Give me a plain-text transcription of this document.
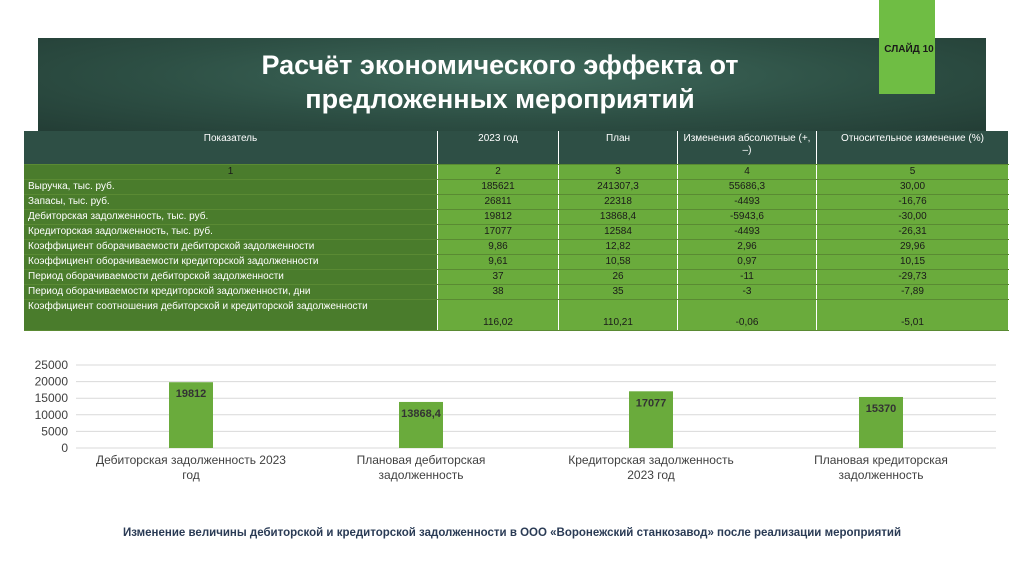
СЛАЙД 10
Расчёт экономического эффекта от
предложенных мероприятий
Показатель	2023 год	План	Изменения абсолютные (+, –)	Относительное изменение (%)
1	2	3	4	5
Выручка, тыс. руб.	185621	241307,3	55686,3	30,00
Запасы, тыс. руб.	26811	22318	-4493	-16,76
Дебиторская задолженность, тыс. руб.	19812	13868,4	-5943,6	-30,00
Кредиторская задолженность, тыс. руб.	17077	12584	-4493	-26,31
Коэффициент оборачиваемости дебиторской задолженности	9,86	12,82	2,96	29,96
Коэффициент оборачиваемости кредиторской задолженности	9,61	10,58	0,97	10,15
Период оборачиваемости дебиторской задолженности	37	26	-11	-29,73
Период оборачиваемости кредиторской задолженности, дни	38	35	-3	-7,89
Коэффициент соотношения дебиторской и кредиторской задолженности	116,02	110,21	-0,06	-5,01
0
5000
10000
15000
20000
25000
19812
Дебиторская задолженность 2023 год
13868,4
Плановая дебиторская задолженность
17077
Кредиторская задолженность 2023 год
15370
Плановая кредиторская задолженность
Изменение величины дебиторской и кредиторской задолженности в ООО «Воронежский станкозавод» после реализации мероприятий
